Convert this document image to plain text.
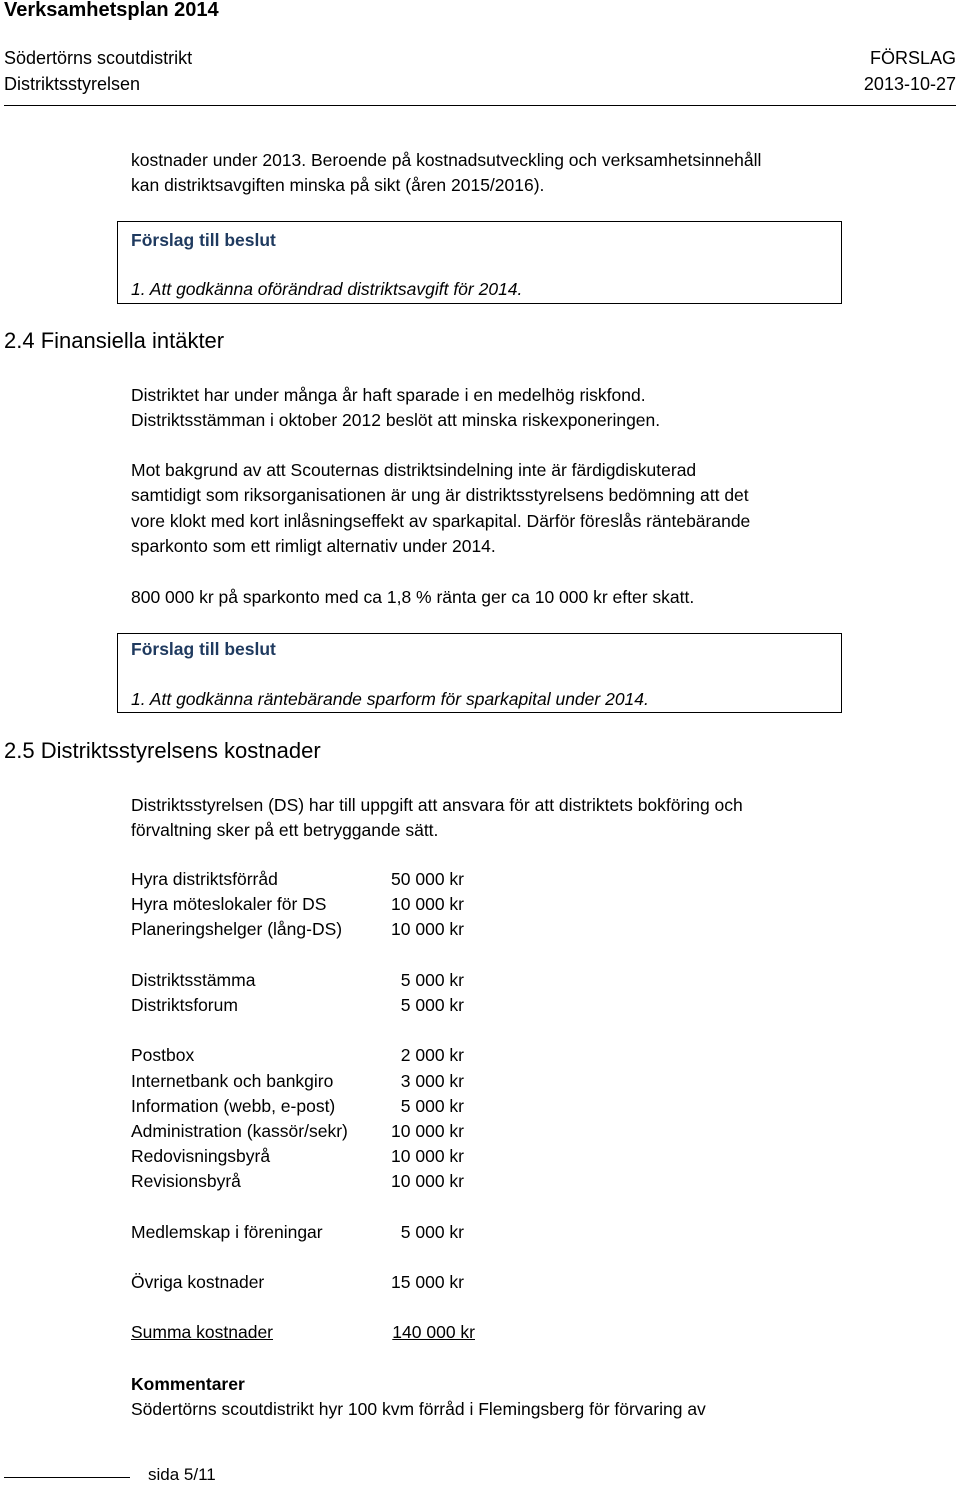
Verksamhetsplan 2014
Södertörns scoutdistrikt	FÖRSLAG
Distriktsstyrelsen	2013-10-27
kostnader under 2013. Beroende på kostnadsutveckling och verksamhetsinnehåll
kan distriktsavgiften minska på sikt (åren 2015/2016).
Förslag till beslut
1. Att godkänna oförändrad distriktsavgift för 2014.
2.4 Finansiella intäkter
Distriktet har under många år haft sparade i en medelhög riskfond.
Distriktsstämman i oktober 2012 beslöt att minska riskexponeringen.
Mot bakgrund av att Scouternas distriktsindelning inte är färdigdiskuterad
samtidigt som riksorganisationen är ung är distriktsstyrelsens bedömning att det
vore klokt med kort inlåsningseffekt av sparkapital. Därför föreslås räntebärande
sparkonto som ett rimligt alternativ under 2014.
800 000 kr på sparkonto med ca 1,8 % ränta ger ca 10 000 kr efter skatt.
Förslag till beslut
1. Att godkänna räntebärande sparform för sparkapital under 2014.
2.5 Distriktsstyrelsens kostnader
Distriktsstyrelsen (DS) har till uppgift att ansvara för att distriktets bokföring och
förvaltning sker på ett betryggande sätt.
Hyra distriktsförråd	50 000 kr
Hyra möteslokaler för DS	10 000 kr
Planeringshelger (lång-DS)	10 000 kr
Distriktsstämma	5 000 kr
Distriktsforum	5 000 kr
Postbox	2 000 kr
Internetbank och bankgiro	3 000 kr
Information (webb, e-post)	5 000 kr
Administration (kassör/sekr) 10 000 kr
Redovisningsbyrå	10 000 kr
Revisionsbyrå	10 000 kr
Medlemskap i föreningar	5 000 kr
Övriga kostnader	15 000 kr
Summa kostnader	140 000 kr
Kommentarer
Södertörns scoutdistrikt hyr 100 kvm förråd i Flemingsberg för förvaring av
sida 5/11
